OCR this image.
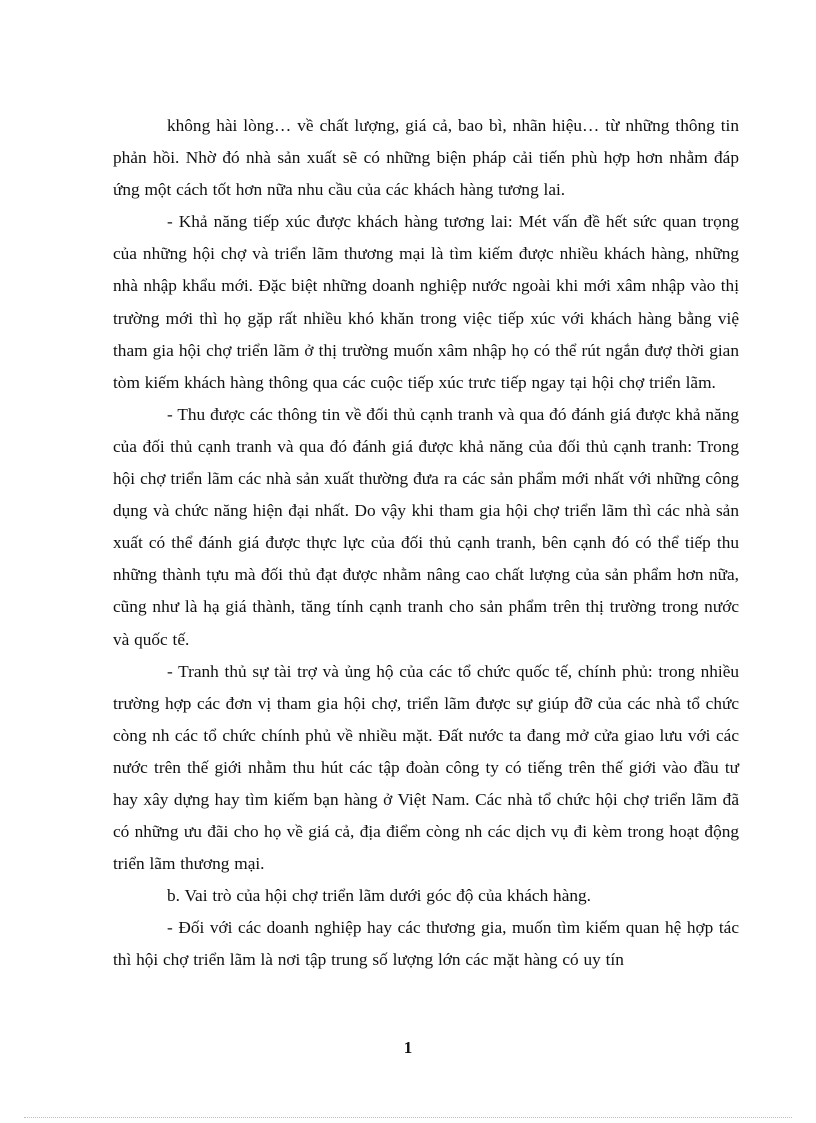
không hài lòng… về chất lượng, giá cả, bao bì, nhãn hiệu… từ những thông tin phản hồi. Nhờ đó nhà sản xuất sẽ có những biện pháp cải tiến phù hợp hơn nhằm đáp ứng một cách tốt hơn nữa nhu cầu của các khách hàng tương lai.

- Khả năng tiếp xúc được khách hàng tương lai: Mét vấn đề hết sức quan trọng của những hội chợ và triển lãm thương mại là tìm kiếm được nhiều khách hàng, những nhà nhập khẩu mới. Đặc biệt những doanh nghiệp nước ngoài khi mới xâm nhập vào thị trường mới thì họ gặp rất nhiều khó khăn trong việc tiếp xúc với khách hàng bằng việ tham gia hội chợ triển lãm ở thị trường muốn xâm nhập họ có thể rút ngắn đượ thời gian tòm kiếm khách hàng thông qua các cuộc tiếp xúc trưc tiếp ngay tại hội chợ triển lãm.

- Thu được các thông tin về đối thủ cạnh tranh và qua đó đánh giá được khả năng của đối thủ cạnh tranh và qua đó đánh giá được khả năng của đối thủ cạnh tranh: Trong hội chợ triển lãm các nhà sản xuất thường đưa ra các sản phẩm mới nhất với những công dụng và chức năng hiện đại nhất. Do vậy khi tham gia hội chợ triển lãm thì các nhà sản xuất có thể đánh giá được thực lực của đối thủ cạnh tranh, bên cạnh đó có thể tiếp thu những thành tựu mà đối thủ đạt được nhằm nâng cao chất lượng của sản phẩm hơn nữa, cũng như là hạ giá thành, tăng tính cạnh tranh cho sản phẩm trên thị trường trong nước và quốc tế.

- Tranh thủ sự tài trợ và ủng hộ của các tổ chức quốc tế, chính phủ: trong nhiều trường hợp các đơn vị tham gia hội chợ, triển lãm được sự giúp đỡ của các nhà tổ chức còng nh các tổ chức chính phủ về nhiều mặt. Đất nước ta đang mở cửa giao lưu với các nước trên thế giới nhằm thu hút các tập đoàn công ty có tiếng trên thế giới vào đầu tư hay xây dựng hay tìm kiếm bạn hàng ở Việt Nam. Các nhà tổ chức hội chợ triển lãm đã có những ưu đãi cho họ về giá cả, địa điểm còng nh các dịch vụ đi kèm trong hoạt động triển lãm thương mại.

b. Vai trò của hội chợ triển lãm dưới góc độ của khách hàng.

- Đối với các doanh nghiệp hay các thương gia, muốn tìm kiếm quan hệ hợp tác thì hội chợ triển lãm là nơi tập trung số lượng lớn các mặt hàng có uy tín

1
